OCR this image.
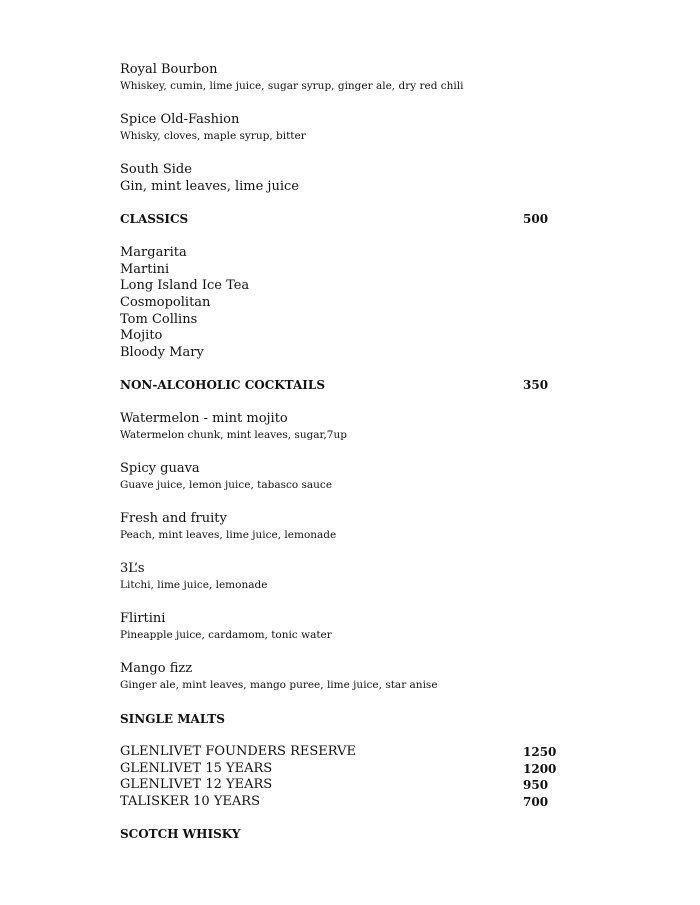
Royal Bourbon
Whiskey, cumin, lime juice, sugar syrup, ginger ale, dry red chili
Spice Old-Fashion
Whisky, cloves, maple syrup, bitter
South Side
Gin, mint leaves, lime juice
CLASSICS	500
Margarita
Martini
Long Island Ice Tea
Cosmopolitan
Tom Collins
Mojito
Bloody Mary
NON-ALCOHOLIC COCKTAILS	350
Watermelon - mint mojito
Watermelon chunk, mint leaves, sugar,7up
Spicy guava
Guave juice, lemon juice, tabasco sauce
Fresh and fruity
Peach, mint leaves, lime juice, lemonade
3L’s
Litchi, lime juice, lemonade
Flirtini
Pineapple juice, cardamom, tonic water
Mango fizz
Ginger ale, mint leaves, mango puree, lime juice, star anise
SINGLE MALTS
GLENLIVET FOUNDERS RESERVE	1250
GLENLIVET 15 YEARS	1200
GLENLIVET 12 YEARS	950
TALISKER 10 YEARS	700
SCOTCH WHISKY
